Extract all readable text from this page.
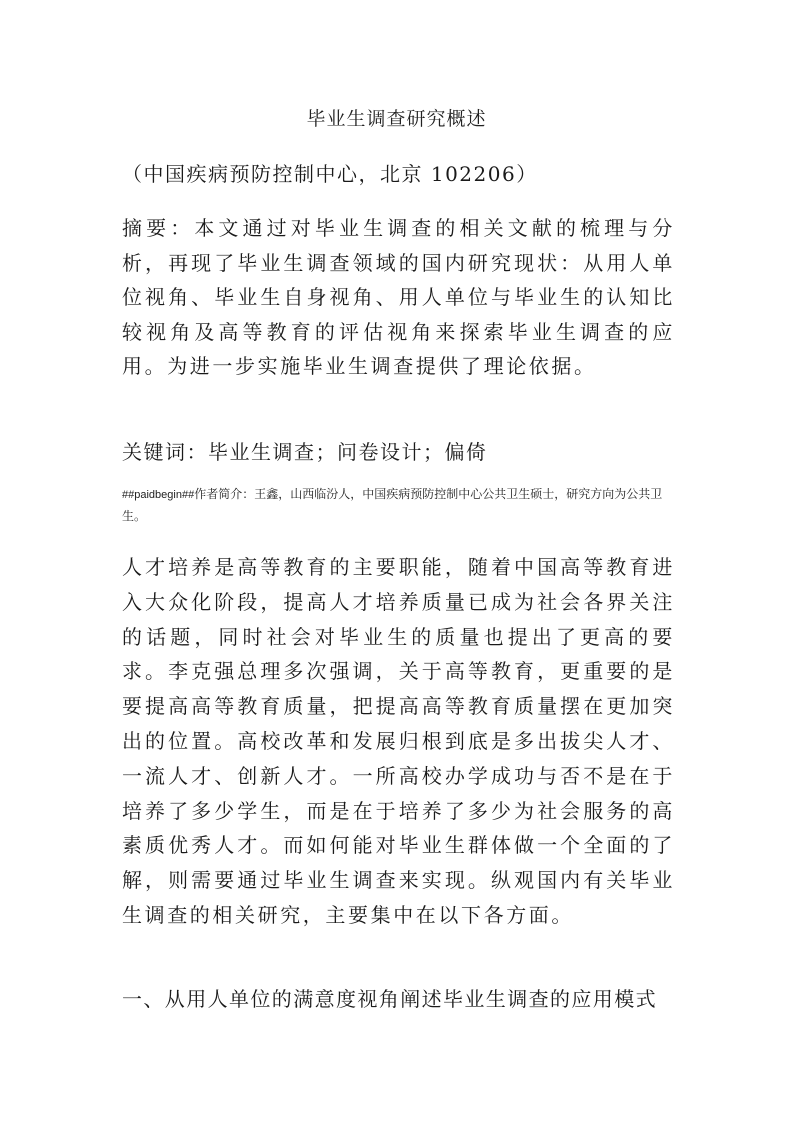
毕业生调查研究概述

（中国疾病预防控制中心，北京 102206）

摘要：本文通过对毕业生调查的相关文献的梳理与分析，再现了毕业生调查领域的国内研究现状：从用人单位视角、毕业生自身视角、用人单位与毕业生的认知比较视角及高等教育的评估视角来探索毕业生调查的应用。为进一步实施毕业生调查提供了理论依据。

关键词：毕业生调查；问卷设计；偏倚

##paidbegin##作者简介：王鑫，山西临汾人，中国疾病预防控制中心公共卫生硕士，研究方向为公共卫生。

人才培养是高等教育的主要职能，随着中国高等教育进入大众化阶段，提高人才培养质量已成为社会各界关注的话题，同时社会对毕业生的质量也提出了更高的要求。李克强总理多次强调，关于高等教育，更重要的是要提高高等教育质量，把提高高等教育质量摆在更加突出的位置。高校改革和发展归根到底是多出拔尖人才、一流人才、创新人才。一所高校办学成功与否不是在于培养了多少学生，而是在于培养了多少为社会服务的高素质优秀人才。而如何能对毕业生群体做一个全面的了解，则需要通过毕业生调查来实现。纵观国内有关毕业生调查的相关研究，主要集中在以下各方面。

一、从用人单位的满意度视角阐述毕业生调查的应用模式
